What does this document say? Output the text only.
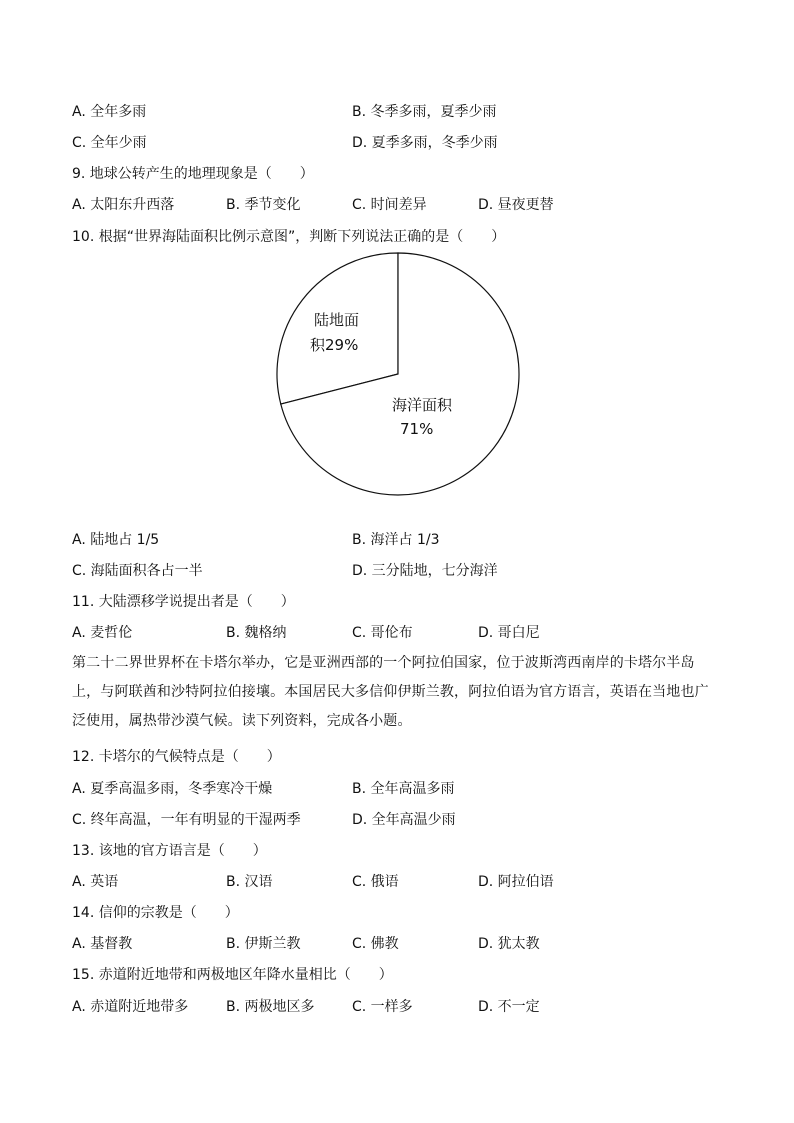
A. 全年多雨	B. 冬季多雨，夏季少雨
C. 全年少雨	D. 夏季多雨，冬季少雨
9. 地球公转产生的地理现象是（　　）
A. 太阳东升西落	B. 季节变化	C. 时间差异	D. 昼夜更替
10. 根据“世界海陆面积比例示意图”，判断下列说法正确的是（　　）
陆地面
积29%
海洋面积
71%
A. 陆地占 1/5	B. 海洋占 1/3
C. 海陆面积各占一半	D. 三分陆地，七分海洋
11. 大陆漂移学说提出者是（　　）
A. 麦哲伦	B. 魏格纳	C. 哥伦布	D. 哥白尼
第二十二界世界杯在卡塔尔举办，它是亚洲西部的一个阿拉伯国家，位于波斯湾西南岸的卡塔尔半岛上，与阿联酋和沙特阿拉伯接壤。本国居民大多信仰伊斯兰教，阿拉伯语为官方语言，英语在当地也广泛使用，属热带沙漠气候。读下列资料，完成各小题。
12. 卡塔尔的气候特点是（　　）
A. 夏季高温多雨，冬季寒冷干燥	B. 全年高温多雨
C. 终年高温，一年有明显的干湿两季	D. 全年高温少雨
13. 该地的官方语言是（　　）
A. 英语	B. 汉语	C. 俄语	D. 阿拉伯语
14. 信仰的宗教是（　　）
A. 基督教	B. 伊斯兰教	C. 佛教	D. 犹太教
15. 赤道附近地带和两极地区年降水量相比（　　）
A. 赤道附近地带多	B. 两极地区多	C. 一样多	D. 不一定
